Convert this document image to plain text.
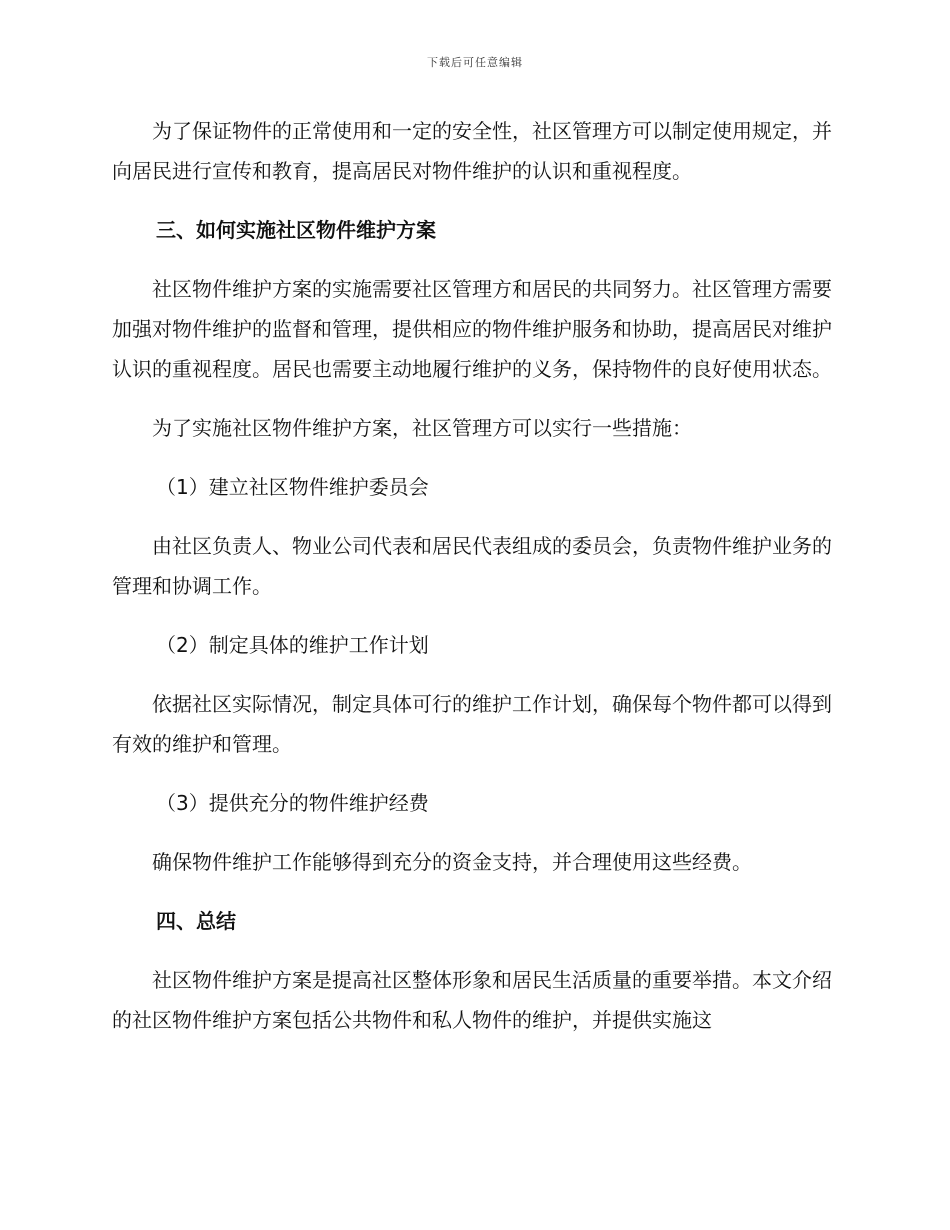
下载后可任意编辑

为了保证物件的正常使用和一定的安全性，社区管理方可以制定使用规定，并向居民进行宣传和教育，提高居民对物件维护的认识和重视程度。

三、如何实施社区物件维护方案

社区物件维护方案的实施需要社区管理方和居民的共同努力。社区管理方需要加强对物件维护的监督和管理，提供相应的物件维护服务和协助，提高居民对维护认识的重视程度。居民也需要主动地履行维护的义务，保持物件的良好使用状态。

为了实施社区物件维护方案，社区管理方可以实行一些措施：

（1）建立社区物件维护委员会

由社区负责人、物业公司代表和居民代表组成的委员会，负责物件维护业务的管理和协调工作。

（2）制定具体的维护工作计划

依据社区实际情况，制定具体可行的维护工作计划，确保每个物件都可以得到有效的维护和管理。

（3）提供充分的物件维护经费

确保物件维护工作能够得到充分的资金支持，并合理使用这些经费。

四、总结

社区物件维护方案是提高社区整体形象和居民生活质量的重要举措。本文介绍的社区物件维护方案包括公共物件和私人物件的维护，并提供实施这
